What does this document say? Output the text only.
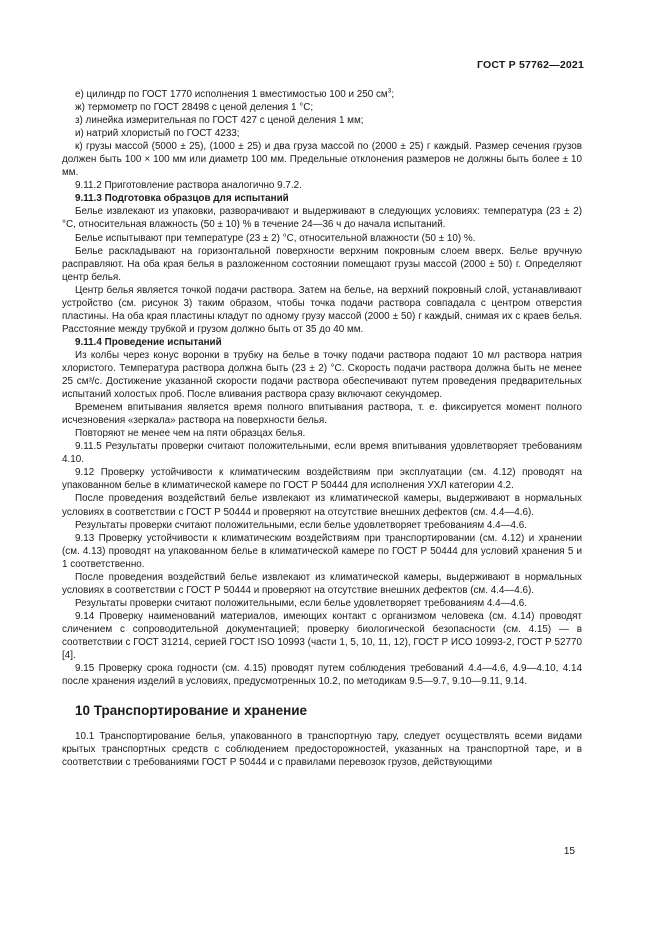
ГОСТ Р 57762—2021

е) цилиндр по ГОСТ 1770 исполнения 1 вместимостью 100 и 250 $см^3$;

ж) термометр по ГОСТ 28498 с ценой деления 1 °C;

з) линейка измерительная по ГОСТ 427 с ценой деления 1 мм;

и) натрий хлористый по ГОСТ 4233;

к) грузы массой (5000 ± 25), (1000 ± 25) и два груза массой по (2000 ± 25) г каждый. Размер сечения грузов должен быть 100 × 100 мм или диаметр 100 мм. Предельные отклонения размеров не должны быть более ± 10 мм.

9.11.2 Приготовление раствора аналогично 9.7.2.

9.11.3 Подготовка образцов для испытаний

Белье извлекают из упаковки, разворачивают и выдерживают в следующих условиях: температура (23 ± 2) °C, относительная влажность (50 ± 10) % в течение 24—36 ч до начала испытаний.

Белье испытывают при температуре (23 ± 2) °C, относительной влажности (50 ± 10) %.

Белье раскладывают на горизонтальной поверхности верхним покровным слоем вверх. Белье вручную расправляют. На оба края белья в разложенном состоянии помещают грузы массой (2000 ± 50) г. Определяют центр белья.

Центр белья является точкой подачи раствора. Затем на белье, на верхний покровный слой, устанавливают устройство (см. рисунок 3) таким образом, чтобы точка подачи раствора совпадала с центром отверстия пластины. На оба края пластины кладут по одному грузу массой (2000 ± 50) г каждый, снимая их с краев белья. Расстояние между трубкой и грузом должно быть от 35 до 40 мм.

9.11.4 Проведение испытаний

Из колбы через конус воронки в трубку на белье в точку подачи раствора подают 10 мл раствора натрия хлористого. Температура раствора должна быть (23 ± 2) °C. Скорость подачи раствора должна быть не менее 25 см³/с. Достижение указанной скорости подачи раствора обеспечивают путем проведения предварительных испытаний холостых проб. После вливания раствора сразу включают секундомер.

Временем впитывания является время полного впитывания раствора, т. е. фиксируется момент полного исчезновения «зеркала» раствора на поверхности белья.

Повторяют не менее чем на пяти образцах белья.

9.11.5 Результаты проверки считают положительными, если время впитывания удовлетворяет требованиям 4.10.

9.12 Проверку устойчивости к климатическим воздействиям при эксплуатации (см. 4.12) проводят на упакованном белье в климатической камере по ГОСТ Р 50444 для исполнения УХЛ категории 4.2.

После проведения воздействий белье извлекают из климатической камеры, выдерживают в нормальных условиях в соответствии с ГОСТ Р 50444 и проверяют на отсутствие внешних дефектов (см. 4.4—4.6).

Результаты проверки считают положительными, если белье удовлетворяет требованиям 4.4—4.6.

9.13 Проверку устойчивости к климатическим воздействиям при транспортировании (см. 4.12) и хранении (см. 4.13) проводят на упакованном белье в климатической камере по ГОСТ Р 50444 для условий хранения 5 и 1 соответственно.

После проведения воздействий белье извлекают из климатической камеры, выдерживают в нормальных условиях в соответствии с ГОСТ Р 50444 и проверяют на отсутствие внешних дефектов (см. 4.4—4.6).

Результаты проверки считают положительными, если белье удовлетворяет требованиям 4.4—4.6.

9.14 Проверку наименований материалов, имеющих контакт с организмом человека (см. 4.14) проводят сличением с сопроводительной документацией; проверку биологической безопасности (см. 4.15) — в соответствии с ГОСТ 31214, серией ГОСТ ISO 10993 (части 1, 5, 10, 11, 12), ГОСТ Р ИСО 10993-2, ГОСТ Р 52770 [4].

9.15 Проверку срока годности (см. 4.15) проводят путем соблюдения требований 4.4—4.6, 4.9—4.10, 4.14 после хранения изделий в условиях, предусмотренных 10.2, по методикам 9.5—9.7, 9.10—9.11, 9.14.

10 Транспортирование и хранение

10.1 Транспортирование белья, упакованного в транспортную тару, следует осуществлять всеми видами крытых транспортных средств с соблюдением предосторожностей, указанных на транспортной таре, и в соответствии с требованиями ГОСТ Р 50444 и с правилами перевозок грузов, действующими

15
